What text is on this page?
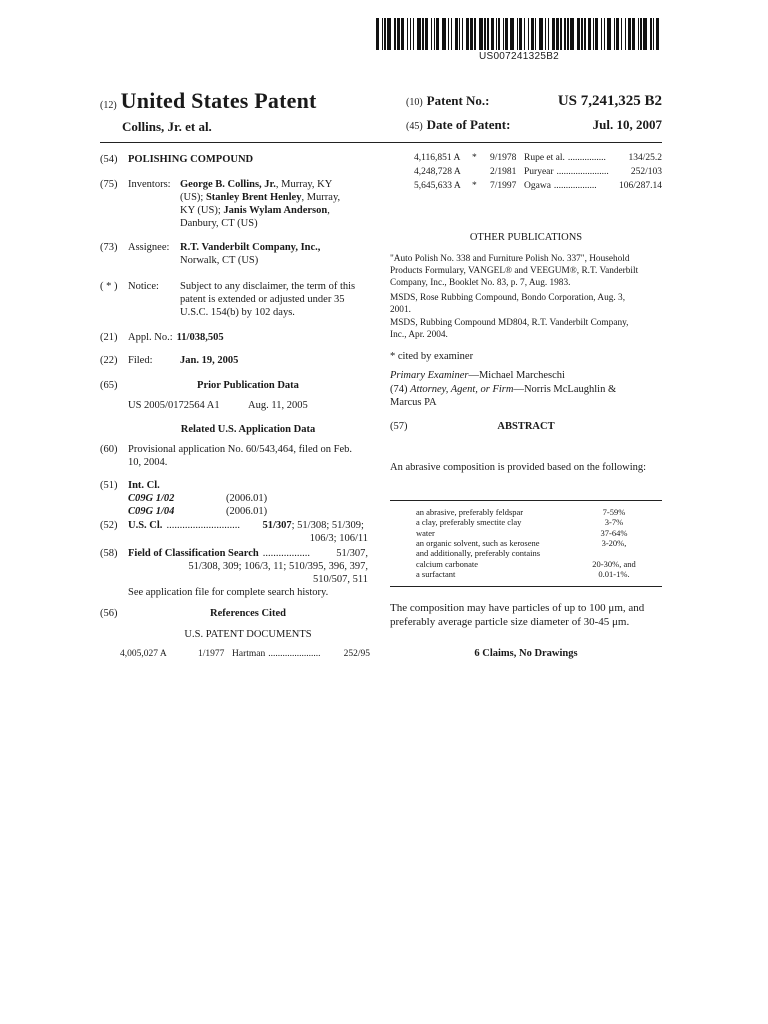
US007241325B2
(12) United States Patent
Collins, Jr. et al.
(10) Patent No.:	US 7,241,325 B2
(45) Date of Patent:	Jul. 10, 2007
(54)	POLISHING COMPOUND
(75)	Inventors: George B. Collins, Jr., Murray, KY
(US); Stanley Brent Henley, Murray,
KY (US); Janis Wylam Anderson,
Danbury, CT (US)
(73)	Assignee:	R.T. Vanderbilt Company, Inc.,
Norwalk, CT (US)
( * )	Notice:	Subject to any disclaimer, the term of this
patent is extended or adjusted under 35
U.S.C. 154(b) by 102 days.
(21)	Appl. No.: 11/038,505
(22)	Filed:	Jan. 19, 2005
(65)	Prior Publication Data
US 2005/0172564 A1	Aug. 11, 2005
Related U.S. Application Data
(60)	Provisional application No. 60/543,464, filed on Feb.
10, 2004.
(51)	Int. Cl.
C09G 1/02	(2006.01)
C09G 1/04	(2006.01)
(52)	U.S. Cl. ............................	51/307 ; 51/308; 51/309;
106/3; 106/11
(58)	Field of Classification Search ..................	51/307,
51/308, 309; 106/3, 11; 510/395, 396, 397,
510/507, 511
See application file for complete search history.
(56)	References Cited
U.S. PATENT DOCUMENTS
4,005,027 A	1/1977 Hartman ......................	252/95
4,116,851 A	*	9/1978 Rupe et al. ................	134/25.2
4,248,728 A	2/1981 Puryear ......................	252/103
5,645,633 A	*	7/1997 Ogawa ..................	106/287.14
OTHER PUBLICATIONS
"Auto Polish No. 338 and Furniture Polish No. 337", Household
Products Formulary, VANGEL® and VEEGUM®, R.T. Vanderbilt
Company, Inc., Booklet No. 83, p. 7, Aug. 1983.
MSDS, Rose Rubbing Compound, Bondo Corporation, Aug. 3,
2001.
MSDS, Rubbing Compound MD804, R.T. Vanderbilt Company,
Inc., Apr. 2004.
* cited by examiner
Primary Examiner—Michael Marcheschi
(74) Attorney, Agent, or Firm—Norris McLaughlin &
Marcus PA
(57)	ABSTRACT
An abrasive composition is provided based on the following:
an abrasive, preferably feldspar	7-59%
a clay, preferably smectite clay	3-7%
water	37-64%
an organic solvent, such as kerosene	3-20%,
and additionally, preferably contains
calcium carbonate	20-30%, and
a surfactant	0.01-1%.
The composition may have particles of up to 100 μm, and
preferably average particle size diameter of 30-45 μm.
6 Claims, No Drawings
